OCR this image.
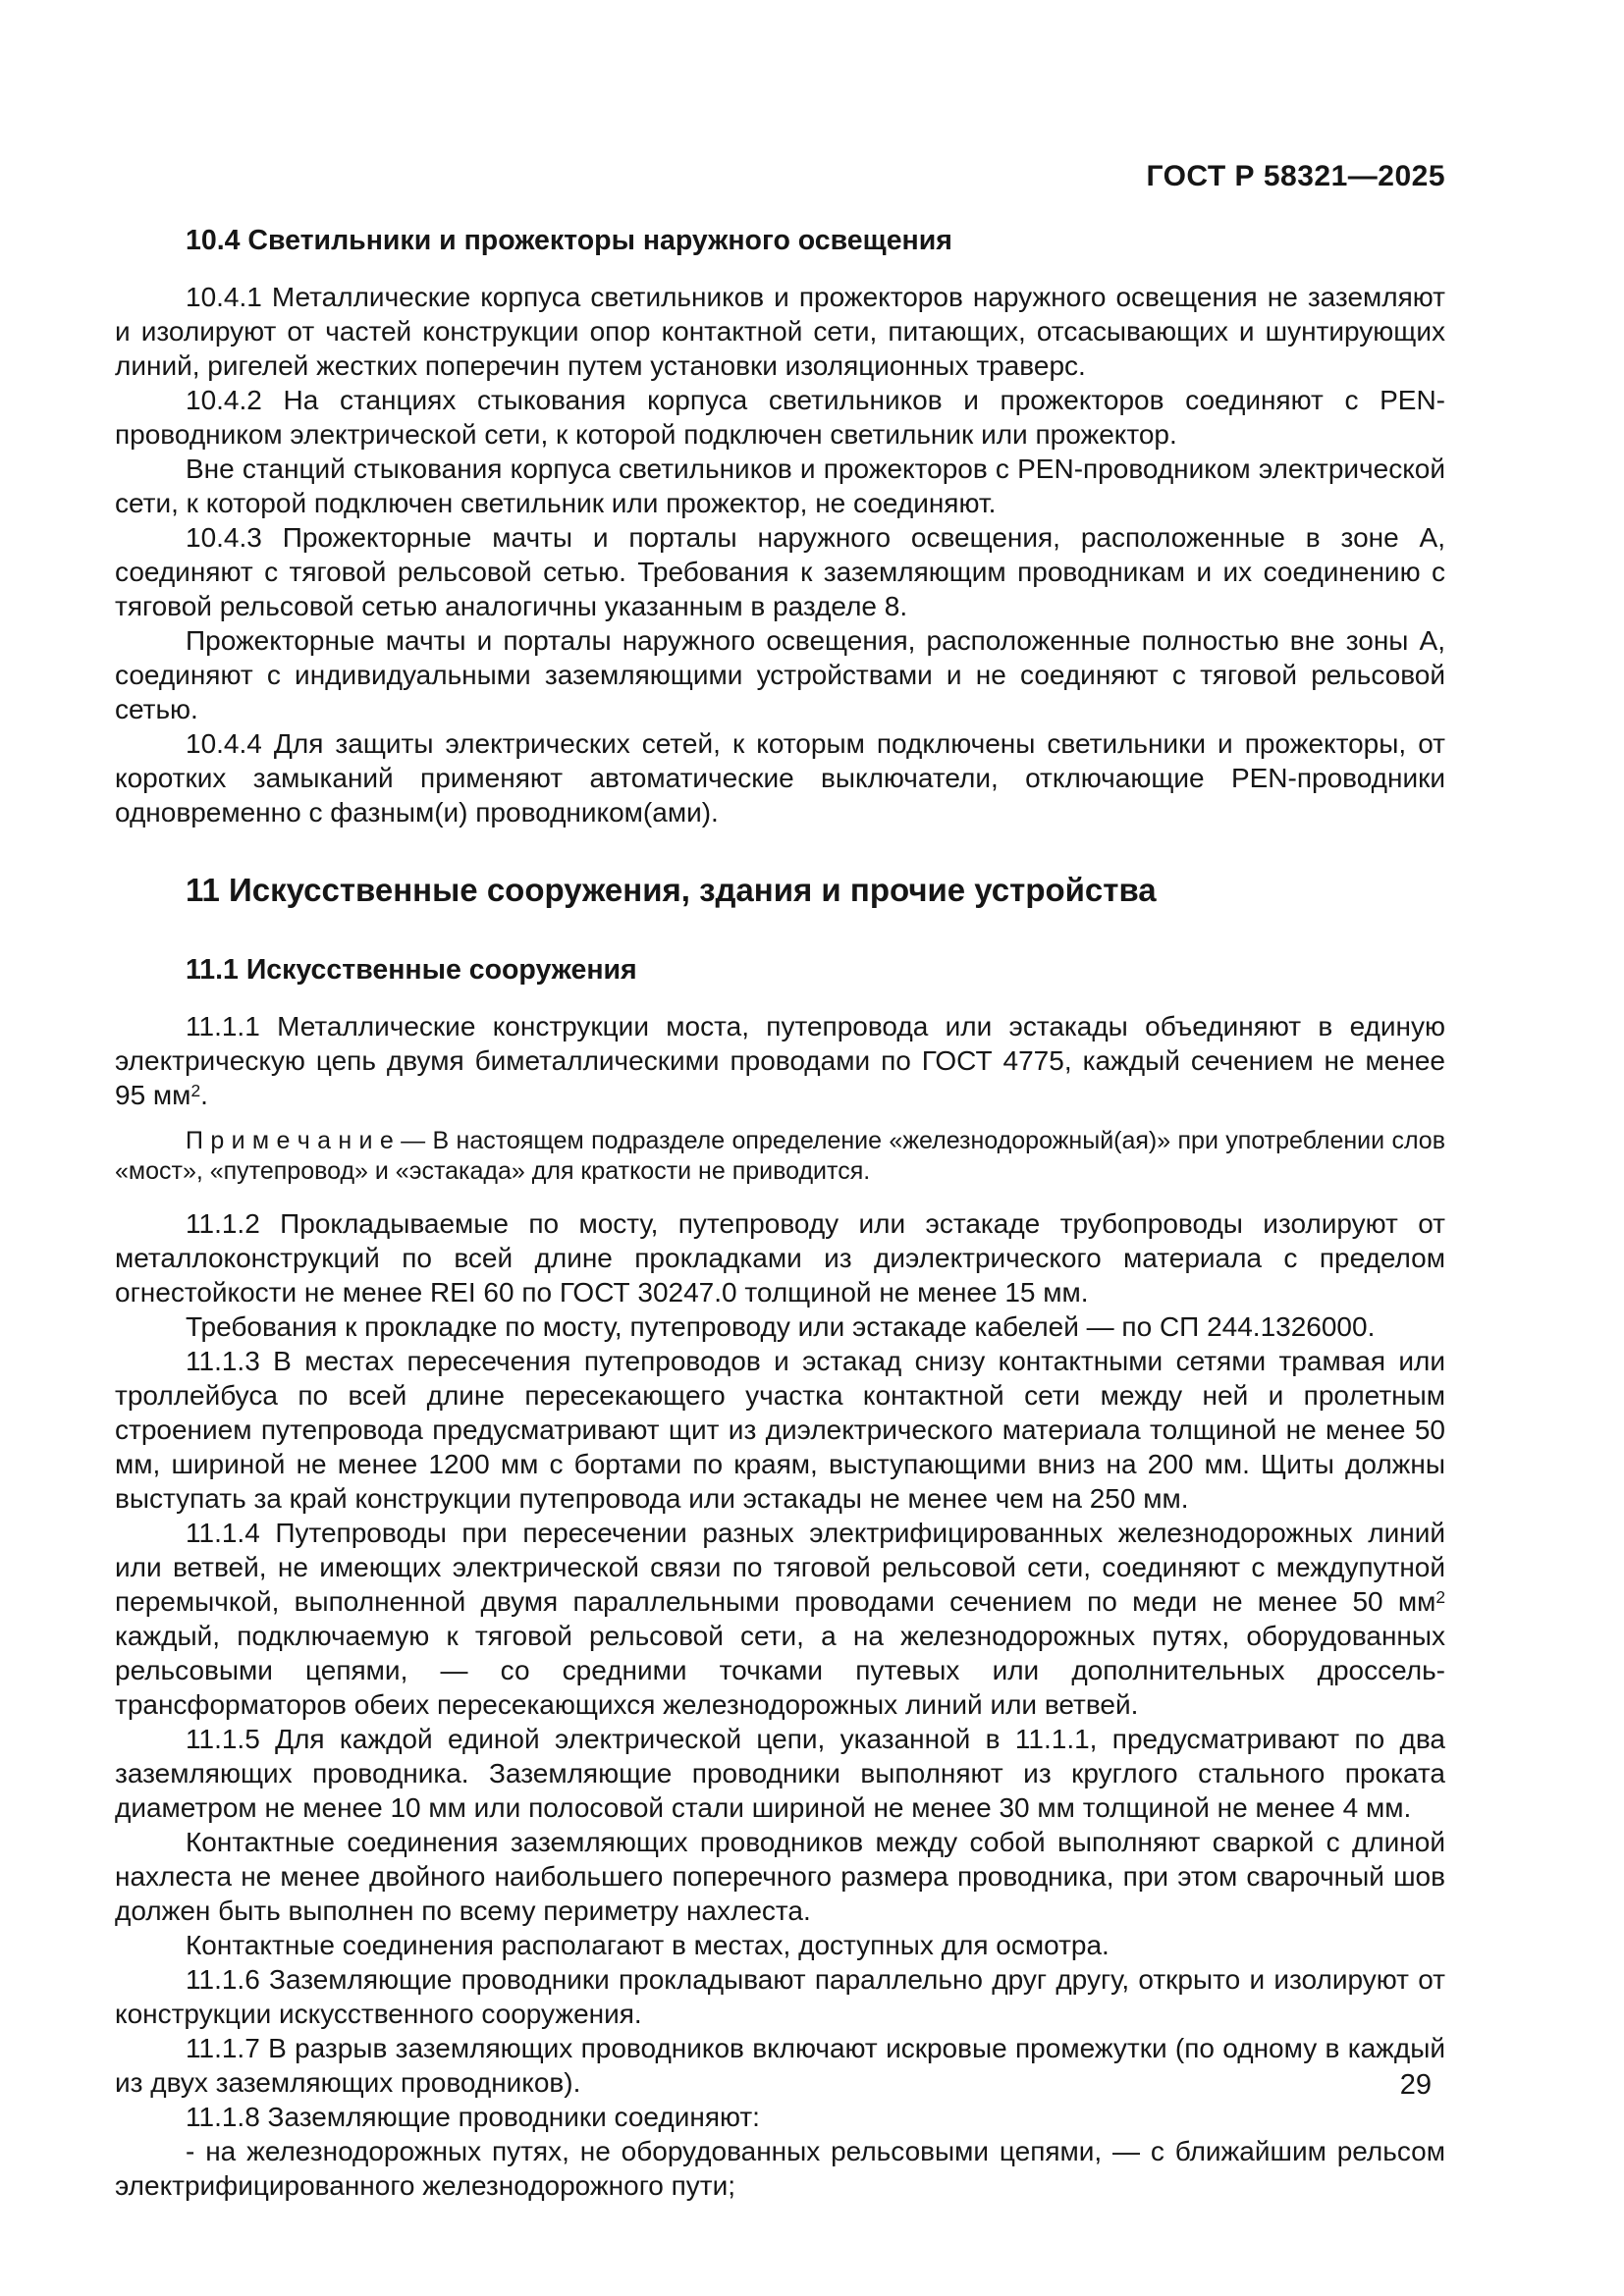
ГОСТ Р 58321—2025
10.4 Светильники и прожекторы наружного освещения
10.4.1 Металлические корпуса светильников и прожекторов наружного освещения не заземляют и изолируют от частей конструкции опор контактной сети, питающих, отсасывающих и шунтирующих линий, ригелей жестких поперечин путем установки изоляционных траверс.
10.4.2 На станциях стыкования корпуса светильников и прожекторов соединяют с PEN-проводником электрической сети, к которой подключен светильник или прожектор.
Вне станций стыкования корпуса светильников и прожекторов с PEN-проводником электрической сети, к которой подключен светильник или прожектор, не соединяют.
10.4.3 Прожекторные мачты и порталы наружного освещения, расположенные в зоне А, соединяют с тяговой рельсовой сетью. Требования к заземляющим проводникам и их соединению с тяговой рельсовой сетью аналогичны указанным в разделе 8.
Прожекторные мачты и порталы наружного освещения, расположенные полностью вне зоны А, соединяют с индивидуальными заземляющими устройствами и не соединяют с тяговой рельсовой сетью.
10.4.4 Для защиты электрических сетей, к которым подключены светильники и прожекторы, от коротких замыканий применяют автоматические выключатели, отключающие PEN-проводники одновременно с фазным(и) проводником(ами).
11 Искусственные сооружения, здания и прочие устройства
11.1 Искусственные сооружения
11.1.1 Металлические конструкции моста, путепровода или эстакады объединяют в единую электрическую цепь двумя биметаллическими проводами по ГОСТ 4775, каждый сечением не менее 95 $мм^2$.
П р и м е ч а н и е — В настоящем подразделе определение «железнодорожный(ая)» при употреблении слов «мост», «путепровод» и «эстакада» для краткости не приводится.
11.1.2 Прокладываемые по мосту, путепроводу или эстакаде трубопроводы изолируют от металлоконструкций по всей длине прокладками из диэлектрического материала с пределом огнестойкости не менее REI 60 по ГОСТ 30247.0 толщиной не менее 15 мм.
Требования к прокладке по мосту, путепроводу или эстакаде кабелей — по СП 244.1326000.
11.1.3 В местах пересечения путепроводов и эстакад снизу контактными сетями трамвая или троллейбуса по всей длине пересекающего участка контактной сети между ней и пролетным строением путепровода предусматривают щит из диэлектрического материала толщиной не менее 50 мм, шириной не менее 1200 мм с бортами по краям, выступающими вниз на 200 мм. Щиты должны выступать за край конструкции путепровода или эстакады не менее чем на 250 мм.
11.1.4 Путепроводы при пересечении разных электрифицированных железнодорожных линий или ветвей, не имеющих электрической связи по тяговой рельсовой сети, соединяют с междупутной перемычкой, выполненной двумя параллельными проводами сечением по меди не менее 50 $мм^2$ каждый, подключаемую к тяговой рельсовой сети, а на железнодорожных путях, оборудованных рельсовыми цепями, — со средними точками путевых или дополнительных дроссель-трансформаторов обеих пересекающихся железнодорожных линий или ветвей.
11.1.5 Для каждой единой электрической цепи, указанной в 11.1.1, предусматривают по два заземляющих проводника. Заземляющие проводники выполняют из круглого стального проката диаметром не менее 10 мм или полосовой стали шириной не менее 30 мм толщиной не менее 4 мм.
Контактные соединения заземляющих проводников между собой выполняют сваркой с длиной нахлеста не менее двойного наибольшего поперечного размера проводника, при этом сварочный шов должен быть выполнен по всему периметру нахлеста.
Контактные соединения располагают в местах, доступных для осмотра.
11.1.6 Заземляющие проводники прокладывают параллельно друг другу, открыто и изолируют от конструкции искусственного сооружения.
11.1.7 В разрыв заземляющих проводников включают искровые промежутки (по одному в каждый из двух заземляющих проводников).
11.1.8 Заземляющие проводники соединяют:
- на железнодорожных путях, не оборудованных рельсовыми цепями, — с ближайшим рельсом электрифицированного железнодорожного пути;
29
